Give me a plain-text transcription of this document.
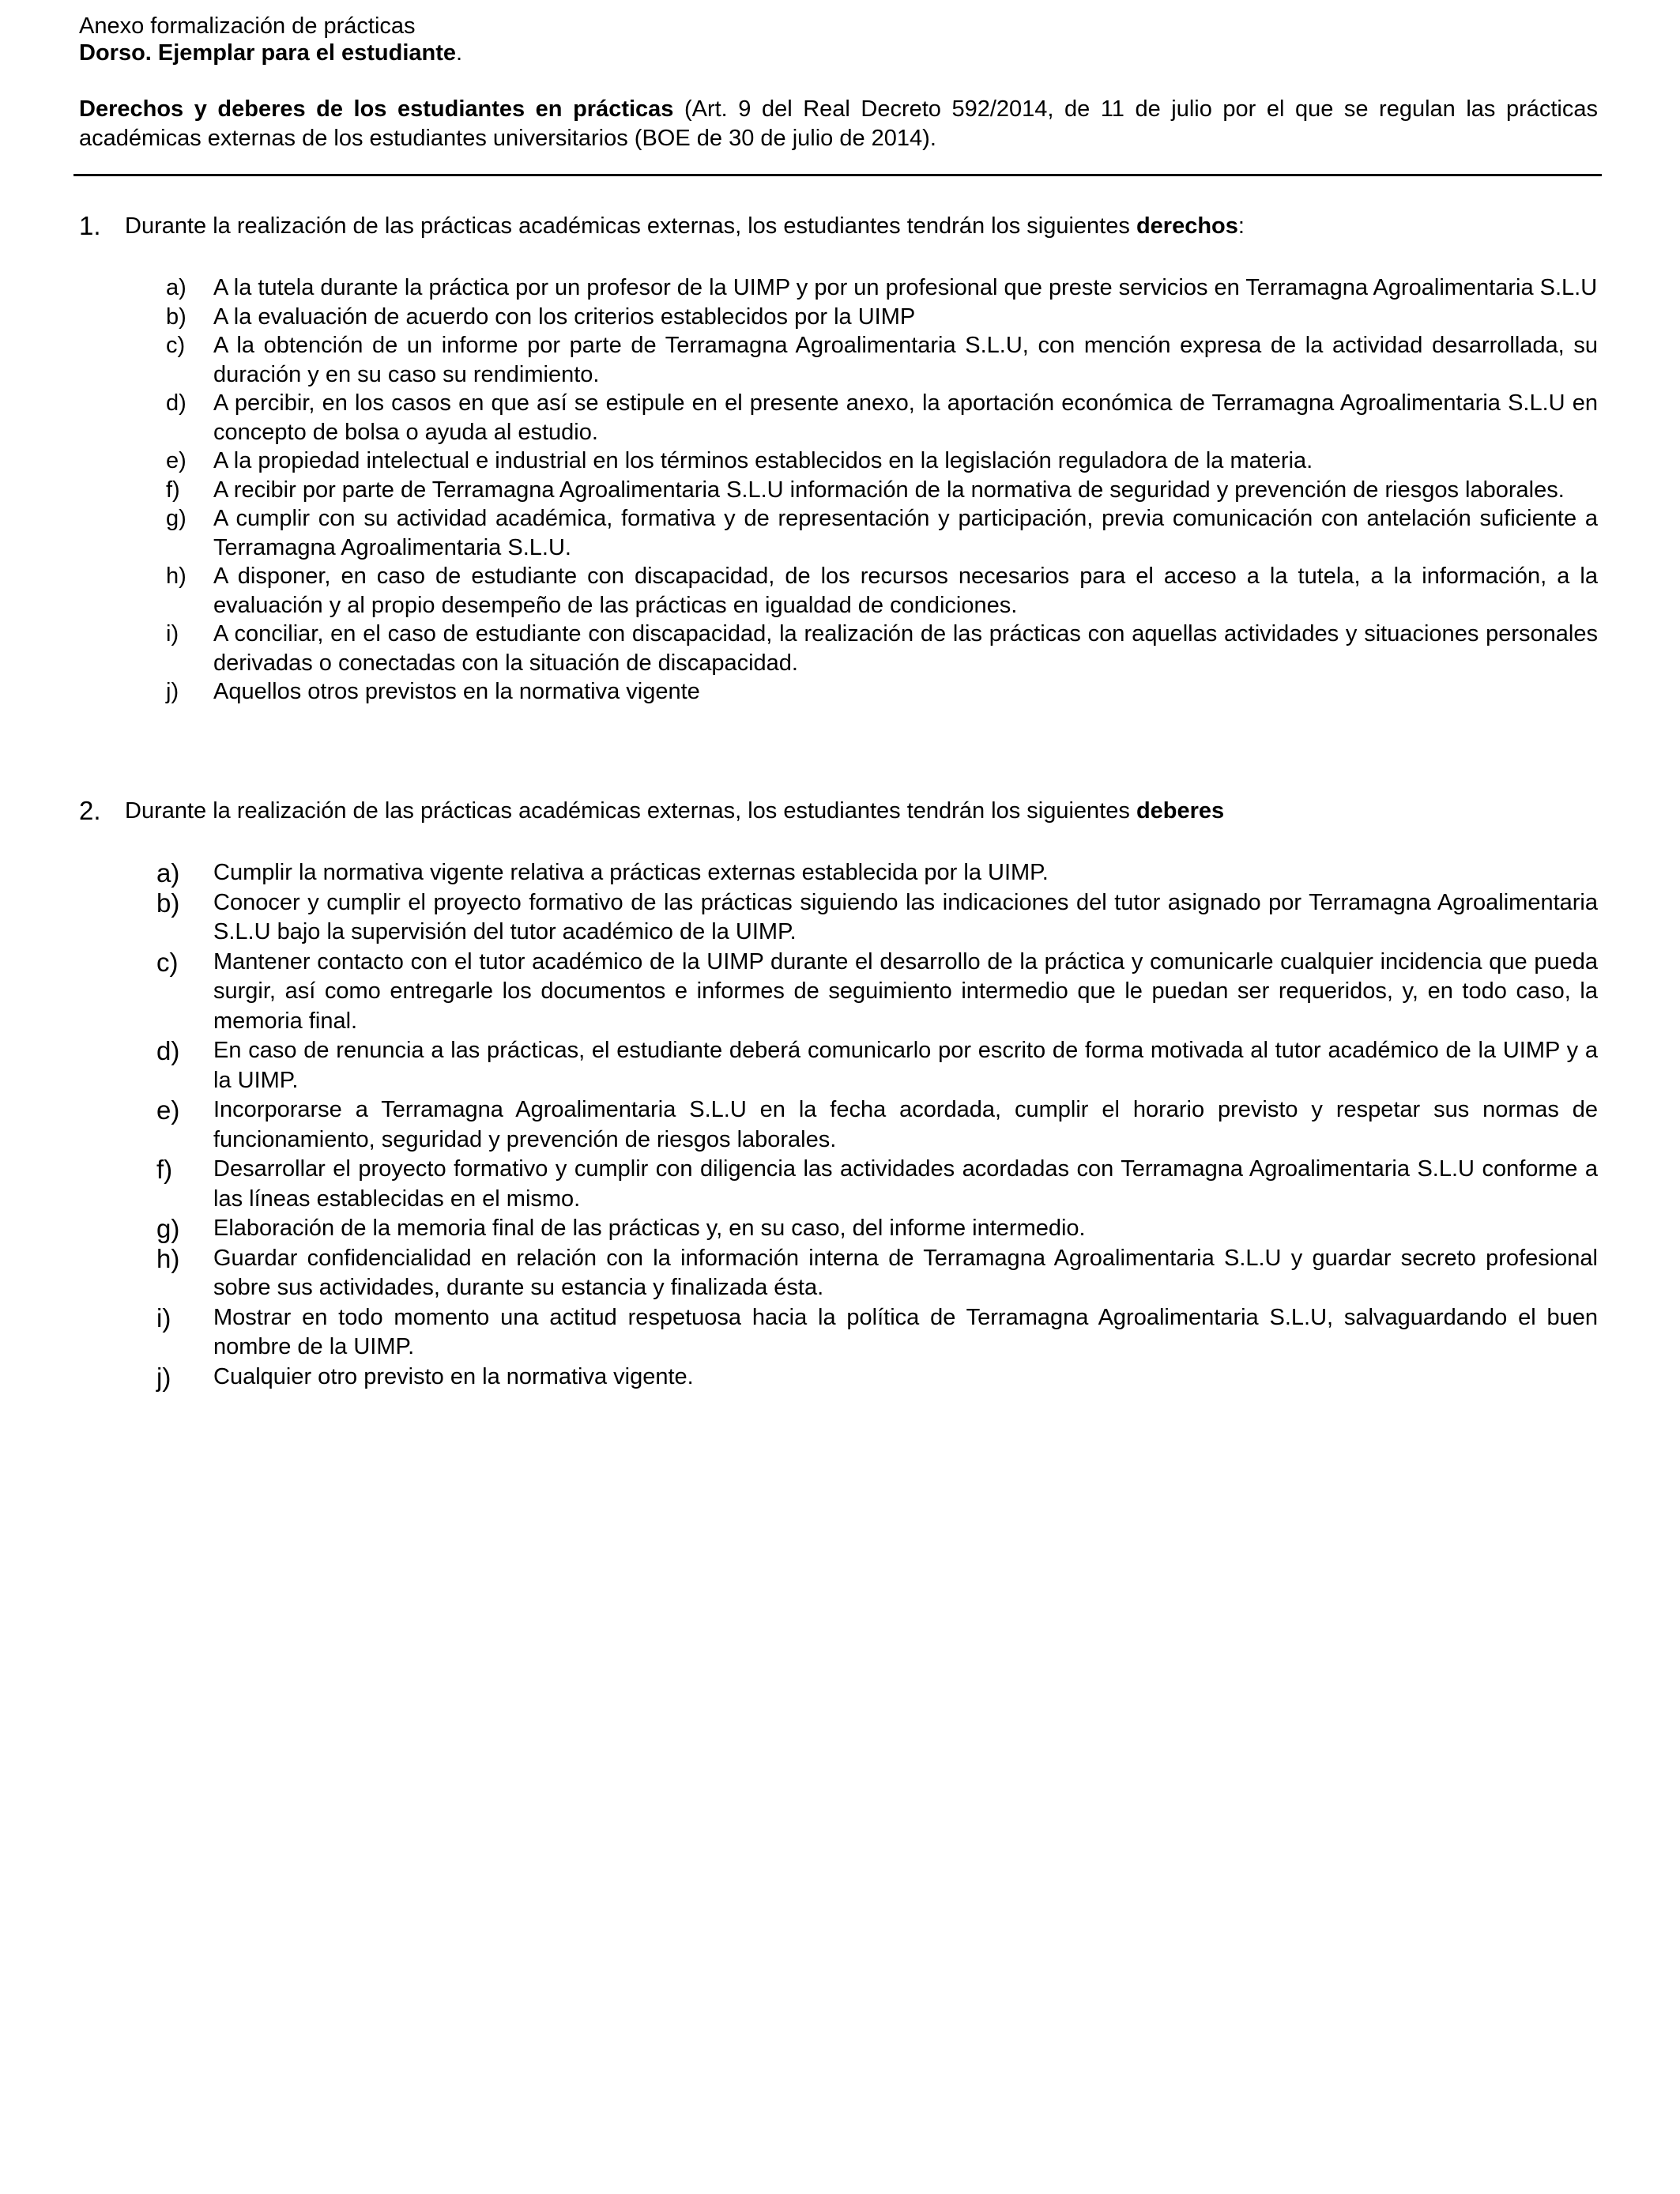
Anexo formalización de prácticas
Dorso. Ejemplar para el estudiante.
Derechos y deberes de los estudiantes en prácticas (Art. 9 del Real Decreto 592/2014, de 11 de julio por el que se regulan las prácticas académicas externas de los estudiantes universitarios (BOE de 30 de julio de 2014).
1. Durante la realización de las prácticas académicas externas, los estudiantes tendrán los siguientes derechos:
a) A la tutela durante la práctica por un profesor de la UIMP y por un profesional que preste servicios en Terramagna Agroalimentaria S.L.U
b) A la evaluación de acuerdo con los criterios establecidos por la UIMP
c) A la obtención de un informe por parte de Terramagna Agroalimentaria S.L.U, con mención expresa de la actividad desarrollada, su duración y en su caso su rendimiento.
d) A percibir, en los casos en que así se estipule en el presente anexo, la aportación económica de Terramagna Agroalimentaria S.L.U en concepto de bolsa o ayuda al estudio.
e) A la propiedad intelectual e industrial en los términos establecidos en la legislación reguladora de la materia.
f) A recibir por parte de Terramagna Agroalimentaria S.L.U información de la normativa de seguridad y prevención de riesgos laborales.
g) A cumplir con su actividad académica, formativa y de representación y participación, previa comunicación con antelación suficiente a Terramagna Agroalimentaria S.L.U.
h) A disponer, en caso de estudiante con discapacidad, de los recursos necesarios para el acceso a la tutela, a la información, a la evaluación y al propio desempeño de las prácticas en igualdad de condiciones.
i) A conciliar, en el caso de estudiante con discapacidad, la realización de las prácticas con aquellas actividades y situaciones personales derivadas o conectadas con la situación de discapacidad.
j) Aquellos otros previstos en la normativa vigente
2. Durante la realización de las prácticas académicas externas, los estudiantes tendrán los siguientes deberes
a) Cumplir la normativa vigente relativa a prácticas externas establecida por la UIMP.
b) Conocer y cumplir el proyecto formativo de las prácticas siguiendo las indicaciones del tutor asignado por Terramagna Agroalimentaria S.L.U bajo la supervisión del tutor académico de la UIMP.
c) Mantener contacto con el tutor académico de la UIMP durante el desarrollo de la práctica y comunicarle cualquier incidencia que pueda surgir, así como entregarle los documentos e informes de seguimiento intermedio que le puedan ser requeridos, y, en todo caso, la memoria final.
d) En caso de renuncia a las prácticas, el estudiante deberá comunicarlo por escrito de forma motivada al tutor académico de la UIMP y a la UIMP.
e) Incorporarse a Terramagna Agroalimentaria S.L.U en la fecha acordada, cumplir el horario previsto y respetar sus normas de funcionamiento, seguridad y prevención de riesgos laborales.
f) Desarrollar el proyecto formativo y cumplir con diligencia las actividades acordadas con Terramagna Agroalimentaria S.L.U conforme a las líneas establecidas en el mismo.
g) Elaboración de la memoria final de las prácticas y, en su caso, del informe intermedio.
h) Guardar confidencialidad en relación con la información interna de Terramagna Agroalimentaria S.L.U y guardar secreto profesional sobre sus actividades, durante su estancia y finalizada ésta.
i) Mostrar en todo momento una actitud respetuosa hacia la política de Terramagna Agroalimentaria S.L.U, salvaguardando el buen nombre de la UIMP.
j) Cualquier otro previsto en la normativa vigente.
